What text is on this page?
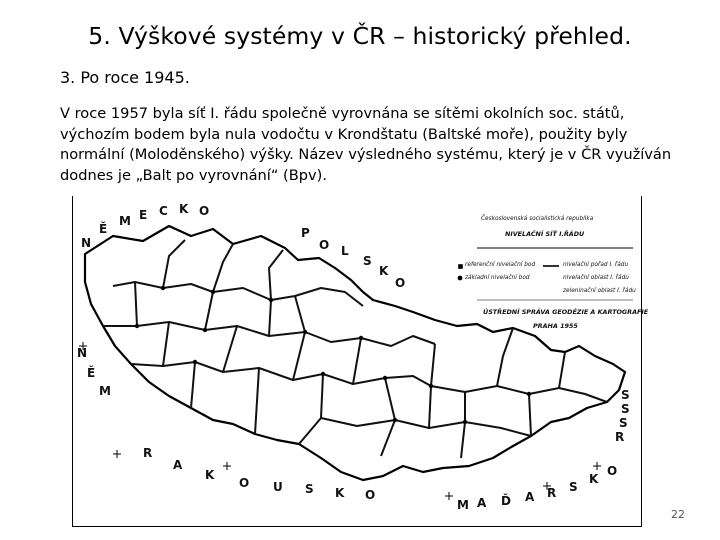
5. Výškové systémy v ČR – historický přehled.
3. Po roce 1945.
V roce 1957 byla síť I. řádu společně vyrovnána se sítěmi okolních soc. států, výchozím bodem byla nula vodočtu v Krondštatu (Baltské moře), použity byly normální (Moloděnského) výšky. Název výsledného systému, který je v ČR využíván dodnes je „Balt po vyrovnání“ (Bpv).
N
Ě
M E C K O
P
O L
S
K
O
R
A
K
O U S K O
M A Ď A R S
K
O
S
S
S
R
N
Ě
M
Československá socialistická republika
NIVELAČNÍ SÍŤ I.ŘÁDU
referenční nivelační bod
základní nivelační bod
nivelační pořad I. řádu
nivelační oblast I. řádu
zeleninační oblast I. řádu
ÚSTŘEDNÍ SPRÁVA GEODÉZIE A KARTOGRAFIE
PRAHA 1955
22
